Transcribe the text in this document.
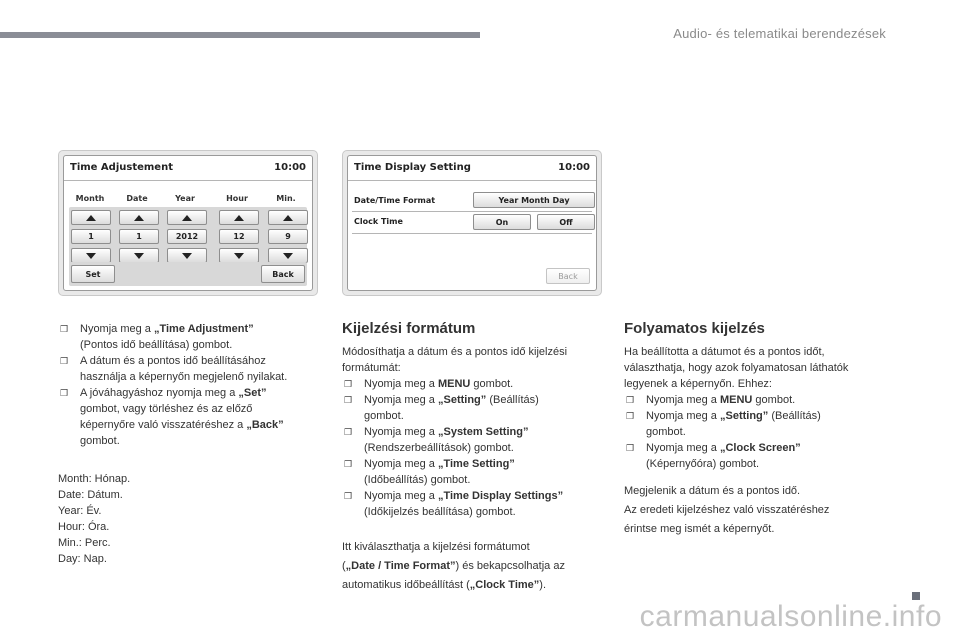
Audio- és telematikai berendezések
Time Adjustement	10:00
Month	Date	Year	Hour	Min.
1	1	2012	12	9
Set	Back
Time Display Setting	10:00
Date/Time Format	Year Month Day
Clock Time	On	Off
Back
❒ Nyomja meg a „Time Adjustment”
(Pontos idő beállítása) gombot.
❒ A dátum és a pontos idő beállításához
használja a képernyőn megjelenő nyilakat.
❒ A jóváhagyáshoz nyomja meg a „Set”
gombot, vagy törléshez és az előző
képernyőre való visszatéréshez a „Back”
gombot.
Month: Hónap.
Date: Dátum.
Year: Év.
Hour: Óra.
Min.: Perc.
Day: Nap.
Kijelzési formátum
Módosíthatja a dátum és a pontos idő kijelzési
formátumát:
❒ Nyomja meg a MENU gombot.
❒ Nyomja meg a „Setting” (Beállítás)
gombot.
❒ Nyomja meg a „System Setting”
(Rendszerbeállítások) gombot.
❒ Nyomja meg a „Time Setting”
(Időbeállítás) gombot.
❒ Nyomja meg a „Time Display Settings”
(Időkijelzés beállítása) gombot.
Itt kiválaszthatja a kijelzési formátumot
(„Date / Time Format”) és bekapcsolhatja az
automatikus időbeállítást („Clock Time”).
Folyamatos kijelzés
Ha beállította a dátumot és a pontos időt,
választhatja, hogy azok folyamatosan láthatók
legyenek a képernyőn. Ehhez:
❒ Nyomja meg a MENU gombot.
❒ Nyomja meg a „Setting” (Beállítás)
gombot.
❒ Nyomja meg a „Clock Screen”
(Képernyőóra) gombot.
Megjelenik a dátum és a pontos idő.
Az eredeti kijelzéshez való visszatéréshez
érintse meg ismét a képernyőt.
carmanualsonline.info
